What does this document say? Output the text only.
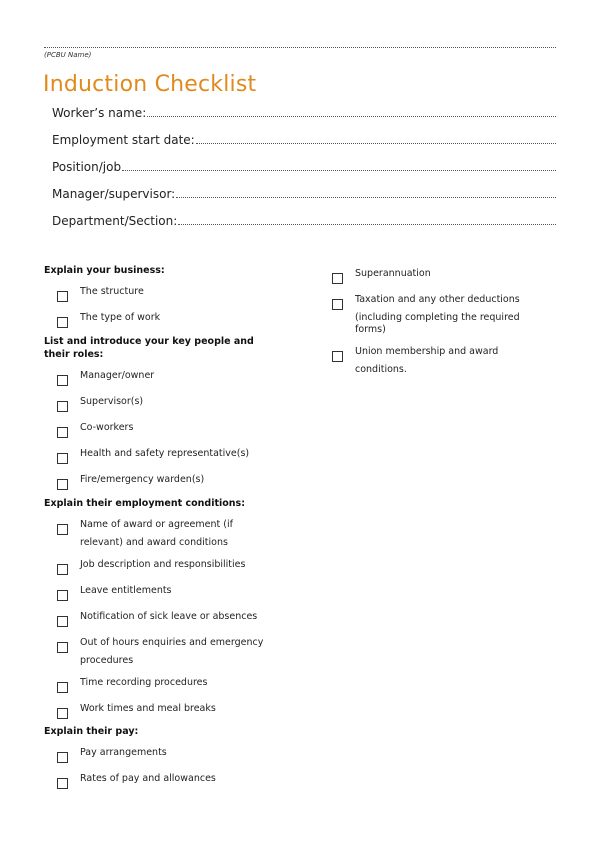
(PCBU Name)
Induction Checklist
Worker’s name:
Employment start date:
Position/job
Manager/supervisor:
Department/Section:
Explain your business:
The structure
The type of work
List and introduce your key people and
their roles:
Manager/owner
Supervisor(s)
Co-workers
Health and safety representative(s)
Fire/emergency warden(s)
Explain their employment conditions:
Name of award or agreement (if
relevant) and award conditions
Job description and responsibilities
Leave entitlements
Notification of sick leave or absences
Out of hours enquiries and emergency
procedures
Time recording procedures
Work times and meal breaks
Explain their pay:
Pay arrangements
Rates of pay and allowances
Superannuation
Taxation and any other deductions
(including completing the required
forms)
Union membership and award
conditions.
